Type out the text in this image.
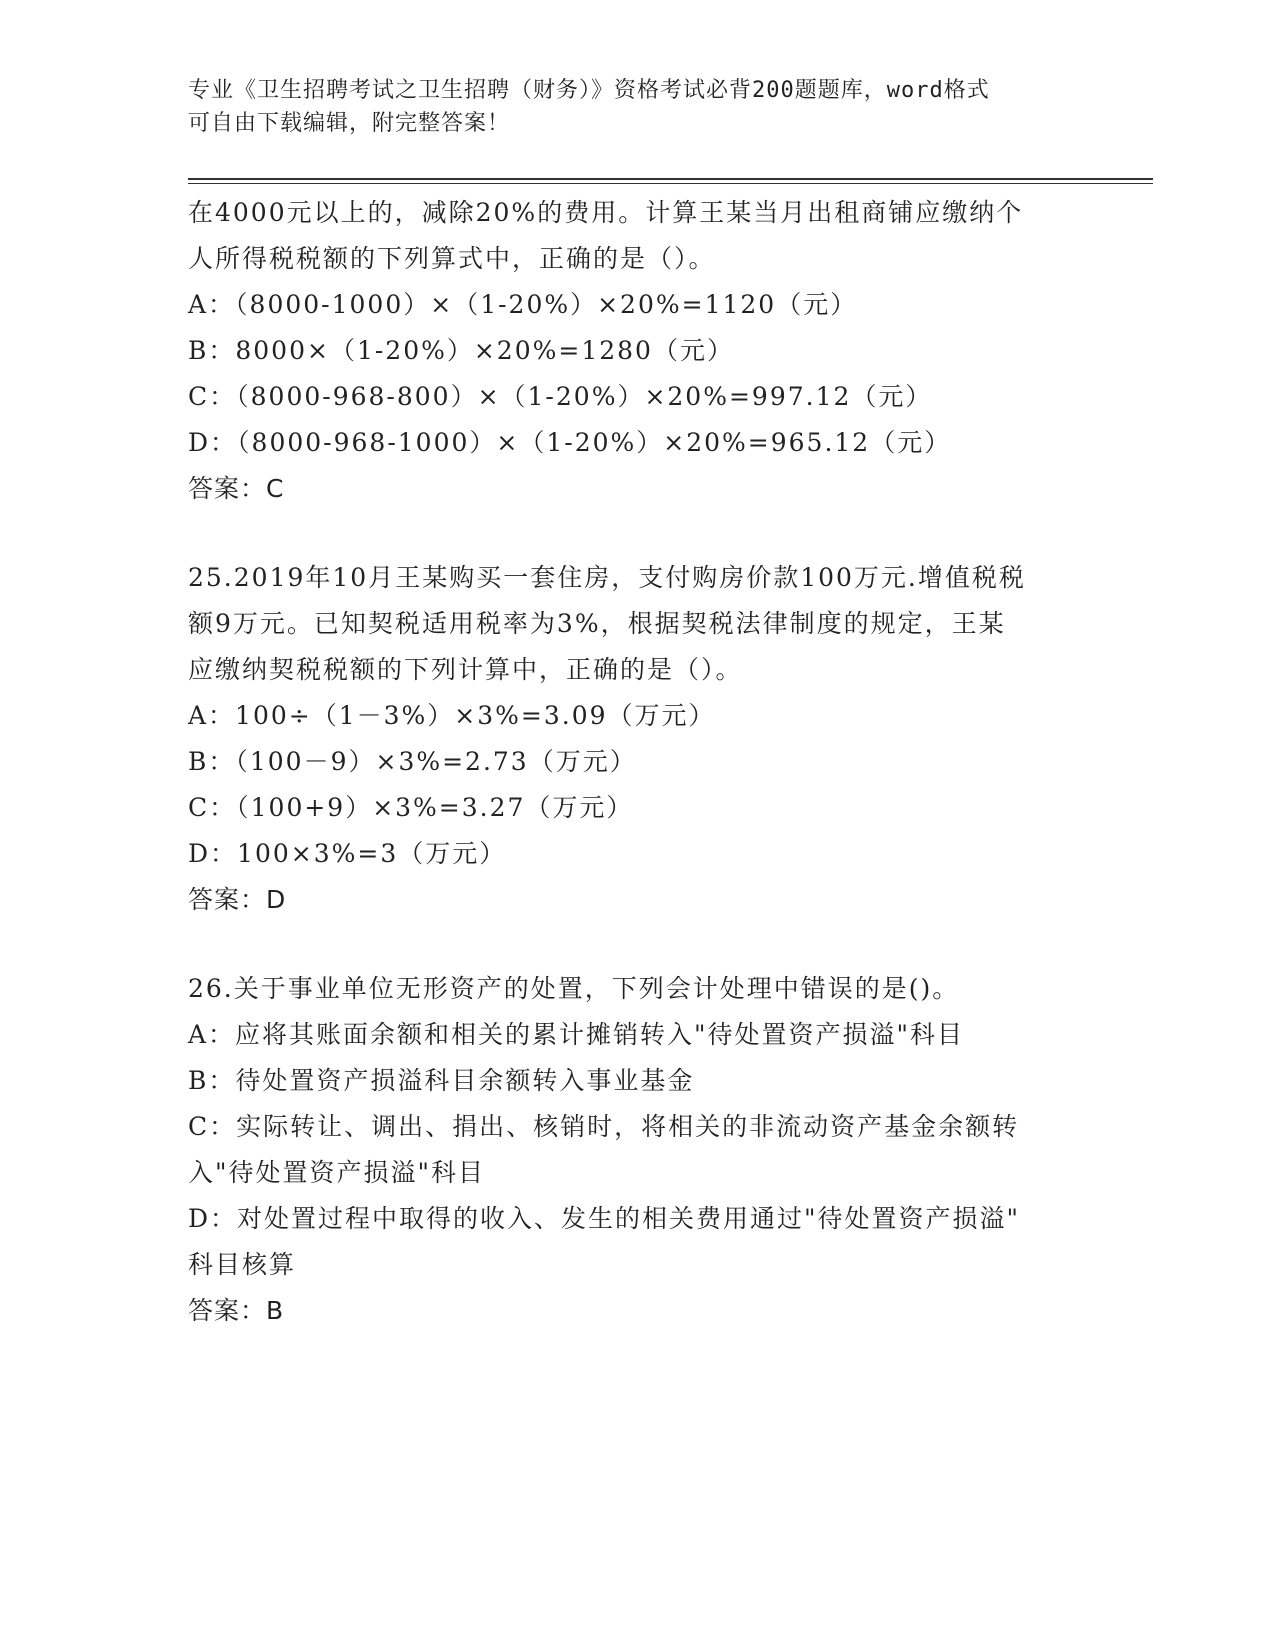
专业《卫生招聘考试之卫生招聘（财务）》资格考试必背200题题库，word格式
可自由下载编辑，附完整答案！
在4000元以上的，减除20%的费用。计算王某当月出租商铺应缴纳个
人所得税税额的下列算式中，正确的是（）。
A：（8000-1000）×（1-20%）×20%=1120（元）
B：8000×（1-20%）×20%=1280（元）
C：（8000-968-800）×（1-20%）×20%=997.12（元）
D：（8000-968-1000）×（1-20%）×20%=965.12（元）
答案：C
25.2019年10月王某购买一套住房，支付购房价款100万元.增值税税
额9万元。已知契税适用税率为3%，根据契税法律制度的规定，王某
应缴纳契税税额的下列计算中，正确的是（）。
A：100÷（1－3%）×3%=3.09（万元）
B：（100－9）×3%=2.73（万元）
C：（100+9）×3%=3.27（万元）
D：100×3%=3（万元）
答案：D
26.关于事业单位无形资产的处置，下列会计处理中错误的是()。
A：应将其账面余额和相关的累计摊销转入"待处置资产损溢"科目
B：待处置资产损溢科目余额转入事业基金
C：实际转让、调出、捐出、核销时，将相关的非流动资产基金余额转
入"待处置资产损溢"科目
D：对处置过程中取得的收入、发生的相关费用通过"待处置资产损溢"
科目核算
答案：B
